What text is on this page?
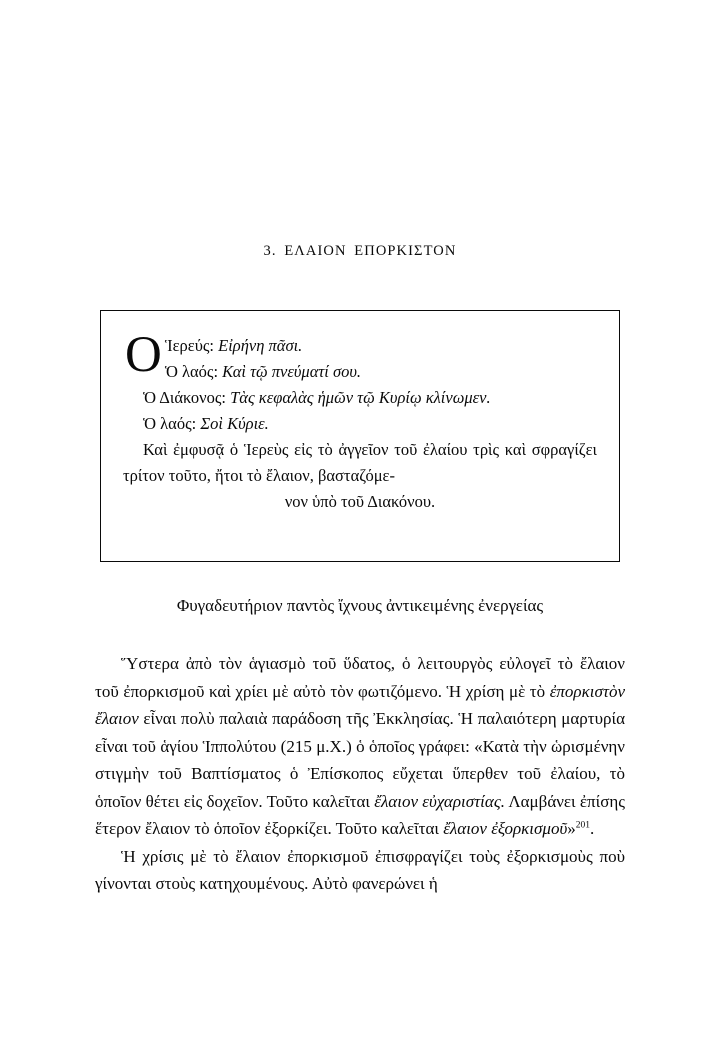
3. ΕΛΑΙΟΝ ΕΠΟΡΚΙΣΤΟΝ
Ο Ἱερεύς: Εἰρήνη πᾶσι.

Ὁ λαός: Καὶ τῷ πνεύματί σου.

Ὁ Διάκονος: Τὰς κεφαλὰς ἡμῶν τῷ Κυρίῳ κλίνωμεν.

Ὁ λαός: Σοὶ Κύριε.

Καὶ ἐμφυσᾷ ὁ Ἱερεὺς εἰς τὸ ἀγγεῖον τοῦ ἐλαίου τρὶς καὶ σφραγίζει τρίτον τοῦτο, ἤτοι τὸ ἔλαιον, βασταζόμε-

νον ὑπὸ τοῦ Διακόνου.

Φυγαδευτήριον παντὸς ἴχνους ἀντικειμένης ἐνεργείας

Ὕστερα ἀπὸ τὸν ἁγιασμὸ τοῦ ὕδατος, ὁ λειτουργὸς εὐλογεῖ τὸ ἔλαιον τοῦ ἐπορκισμοῦ καὶ χρίει μὲ αὐτὸ τὸν φωτιζόμενο. Ἡ χρίση μὲ τὸ ἐπορκιστὸν ἔλαιον εἶναι πολὺ παλαιὰ παράδοση τῆς Ἐκκλησίας. Ἡ παλαιότερη μαρτυρία εἶναι τοῦ ἁγίου Ἱππολύτου (215 μ.Χ.) ὁ ὁποῖος γράφει: «Κατὰ τὴν ὡρισμένην στιγμὴν τοῦ Βαπτίσματος ὁ Ἐπίσκοπος εὔχεται ὕπερθεν τοῦ ἐλαίου, τὸ ὁποῖον θέτει εἰς δοχεῖον. Τοῦτο καλεῖται ἔλαιον εὐχαριστίας. Λαμβάνει ἐπίσης ἕτερον ἔλαιον τὸ ὁποῖον ἐξορκίζει. Τοῦτο καλεῖται ἔλαιον ἐξορκισμοῦ»$^{201}$.

Ἡ χρίσις μὲ τὸ ἔλαιον ἐπορκισμοῦ ἐπισφραγίζει τοὺς ἐξορκισμοὺς ποὺ γίνονται στοὺς κατηχουμένους. Αὐτὸ φανερώνει ἡ
